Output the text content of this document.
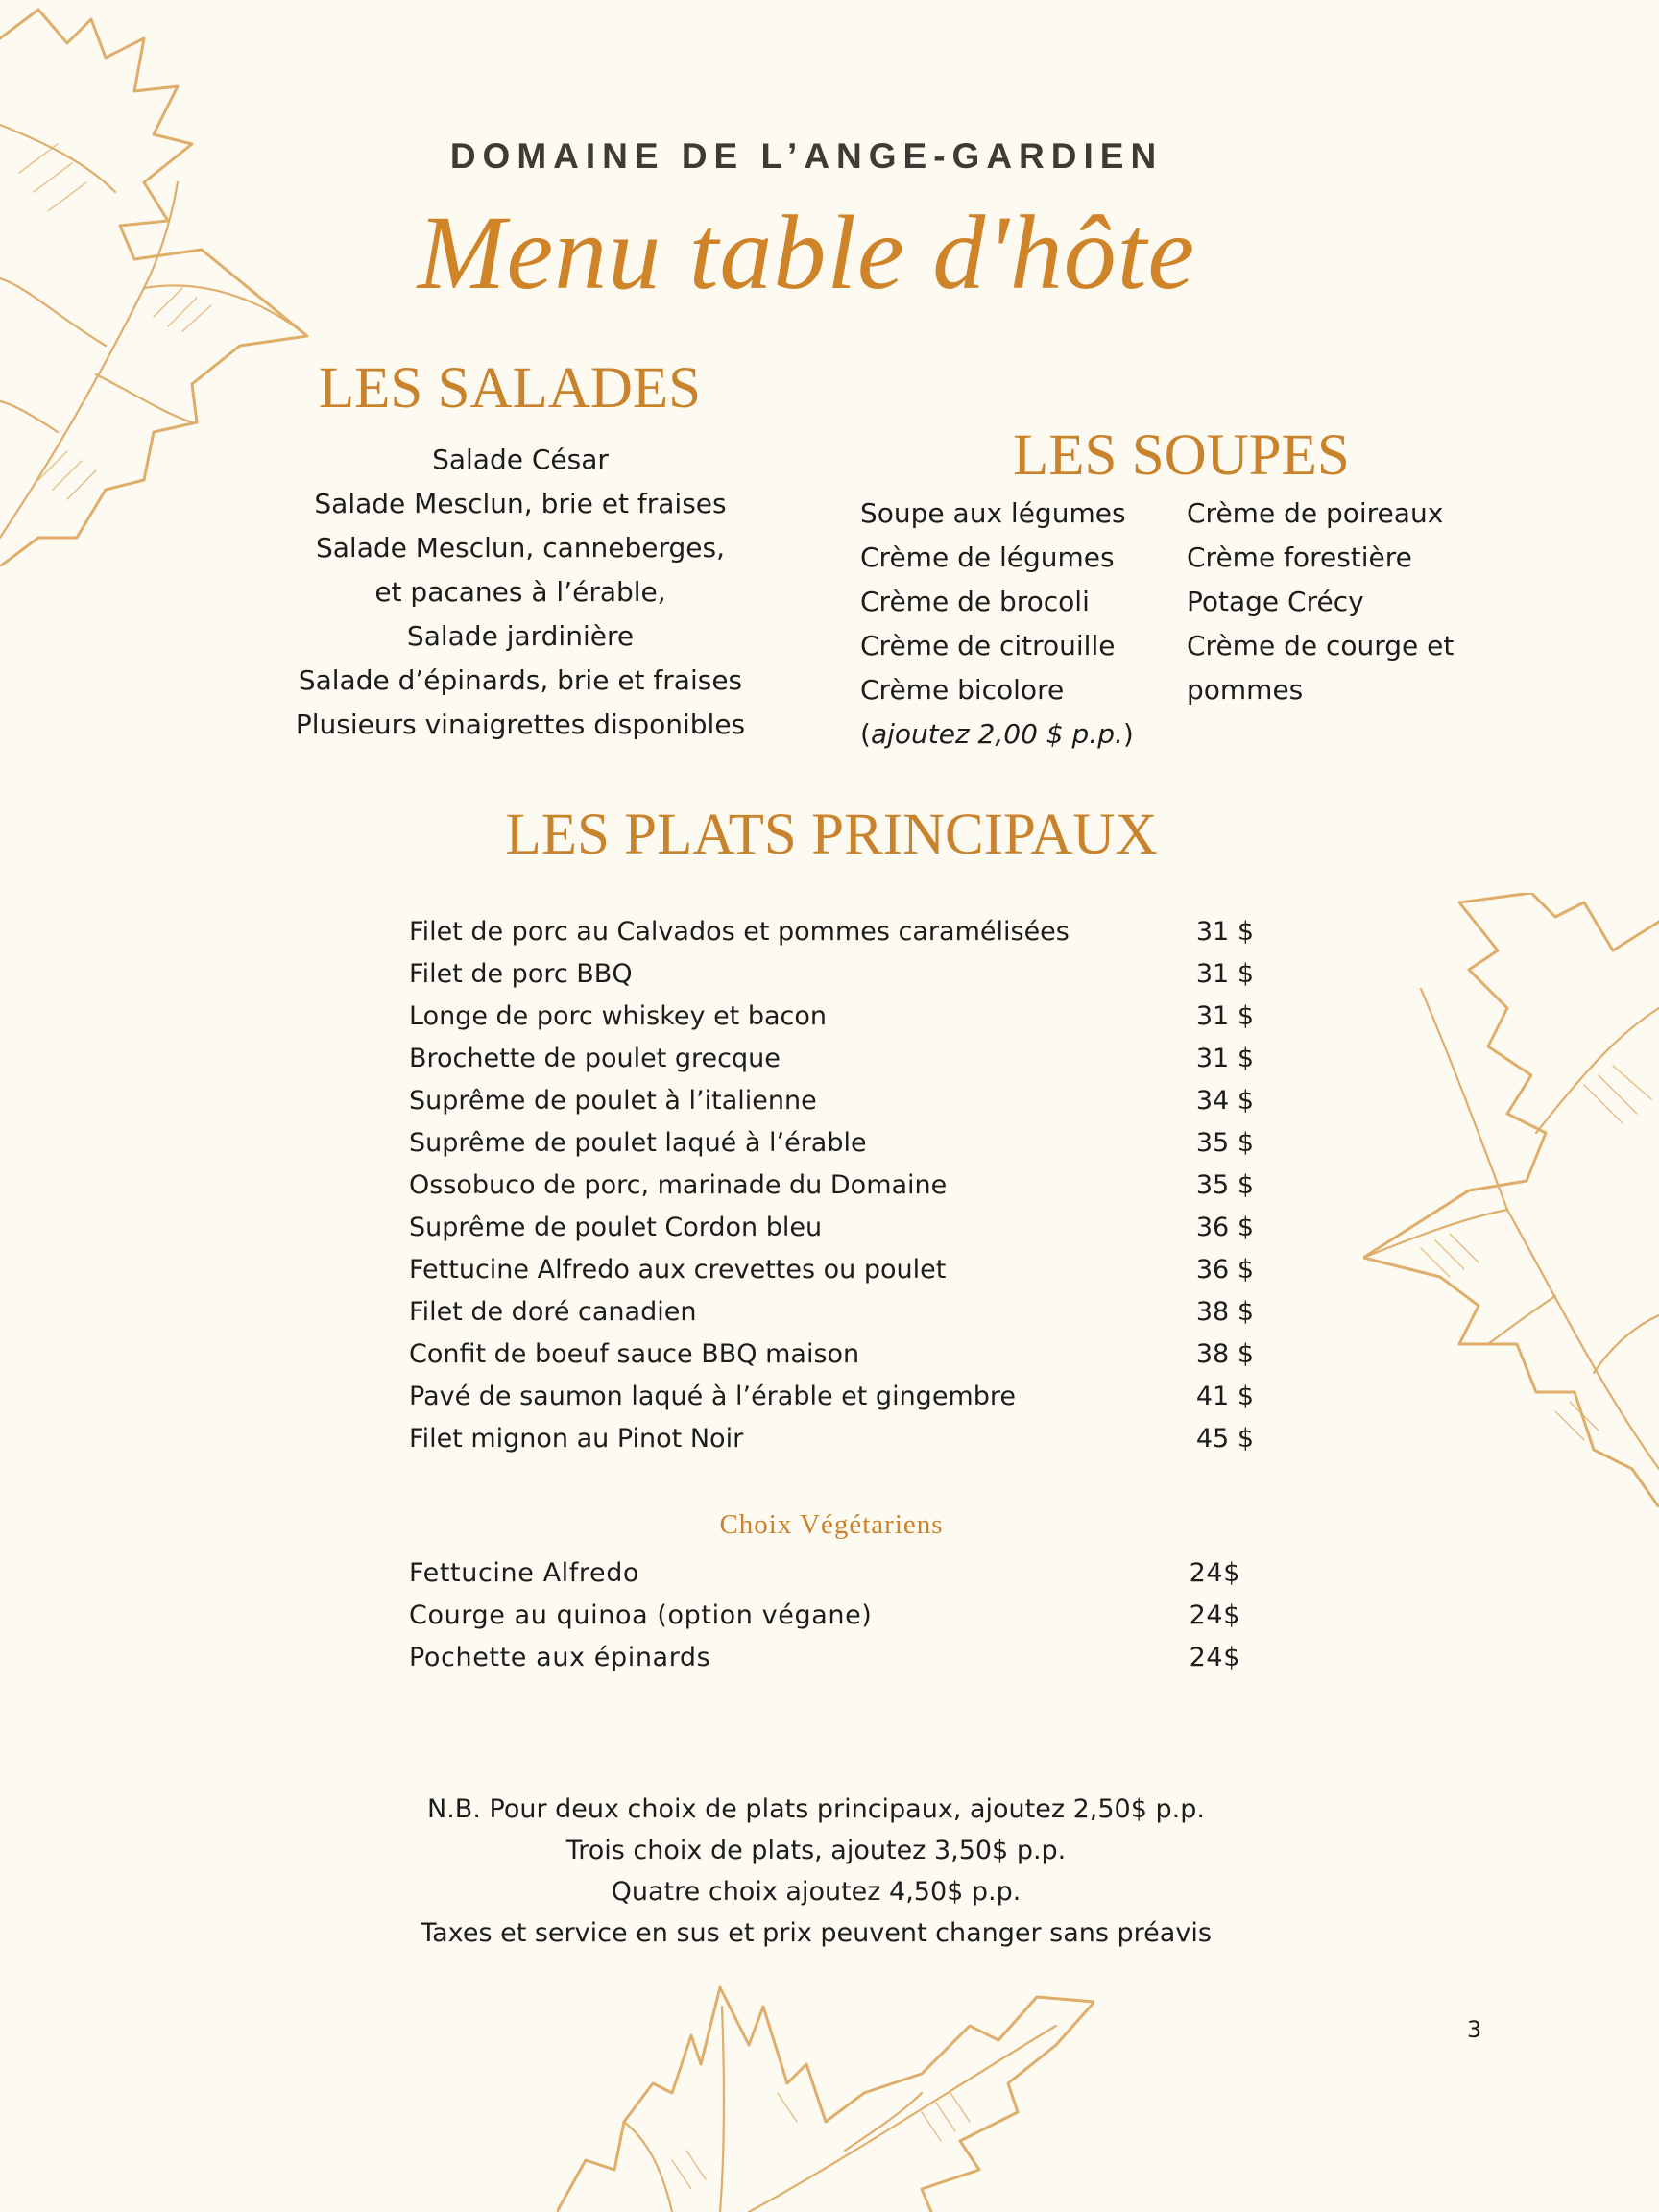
DOMAINE DE L’ANGE-GARDIEN
Menu table d'hôte
LES SALADES
Salade César
Salade Mesclun, brie et fraises
Salade Mesclun, canneberges,
et pacanes à l’érable,
Salade jardinière
Salade d’épinards, brie et fraises
Plusieurs vinaigrettes disponibles
LES SOUPES
Soupe aux légumes
Crème de légumes
Crème de brocoli
Crème de citrouille
Crème bicolore
(ajoutez 2,00 $ p.p.)
Crème de poireaux
Crème forestière
Potage Crécy
Crème de courge et
pommes
LES PLATS PRINCIPAUX
Filet de porc au Calvados et pommes caramélisées	31 $
Filet de porc BBQ	31 $
Longe de porc whiskey et bacon	31 $
Brochette de poulet grecque	31 $
Suprême de poulet à l’italienne	34 $
Suprême de poulet laqué à l’érable	35 $
Ossobuco de porc, marinade du Domaine	35 $
Suprême de poulet Cordon bleu	36 $
Fettucine Alfredo aux crevettes ou poulet	36 $
Filet de doré canadien	38 $
Confit de boeuf sauce BBQ maison	38 $
Pavé de saumon laqué à l’érable et gingembre	41 $
Filet mignon au Pinot Noir	45 $
Choix Végétariens
Fettucine Alfredo	24$
Courge au quinoa (option végane)	24$
Pochette aux épinards	24$
N.B. Pour deux choix de plats principaux, ajoutez 2,50$ p.p.
Trois choix de plats, ajoutez 3,50$ p.p.
Quatre choix ajoutez 4,50$ p.p.
Taxes et service en sus et prix peuvent changer sans préavis
3
